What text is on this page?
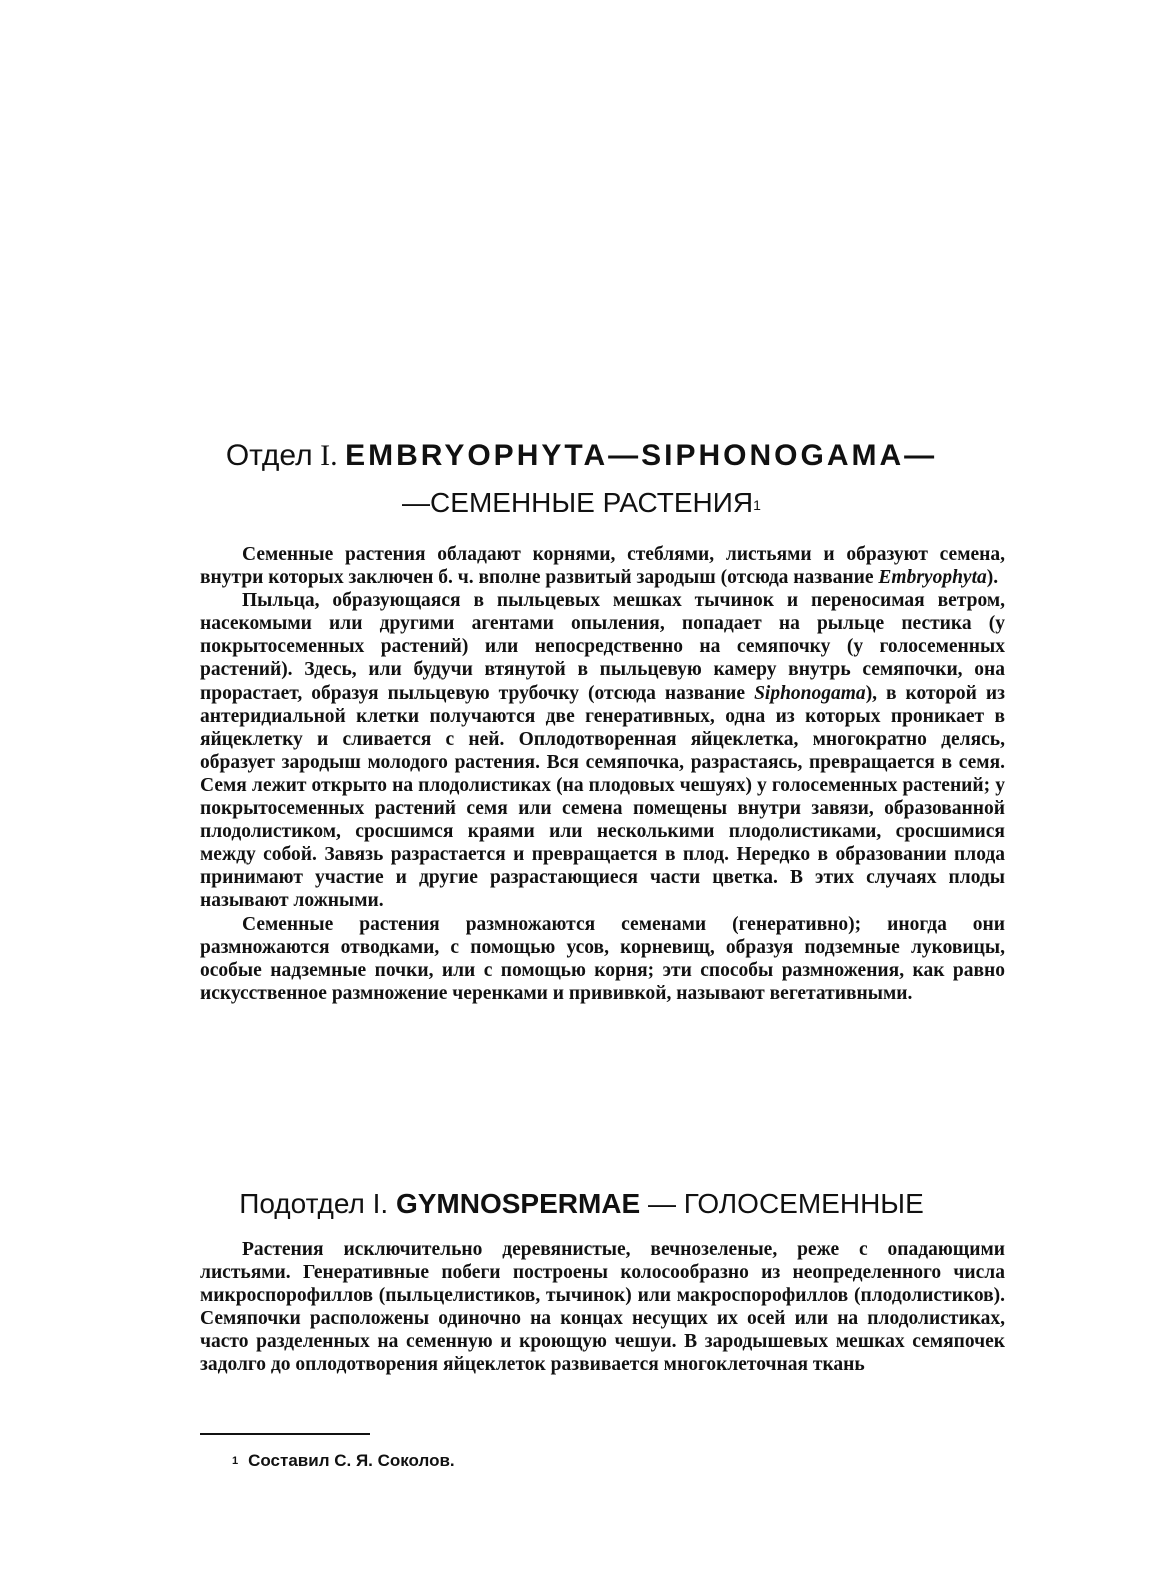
Отдел I. EMBRYOPHYTA—SIPHONOGAMA—
—СЕМЕННЫЕ РАСТЕНИЯ$^1$

Семенные растения обладают корнями, стеблями, листьями и образуют семена, внутри которых заключен б. ч. вполне развитый зародыш (отсюда название Embryophyta).

Пыльца, образующаяся в пыльцевых мешках тычинок и переносимая ветром, насекомыми или другими агентами опыления, попадает на рыльце пестика (у покрытосеменных растений) или непосредственно на семяпочку (у голосеменных растений). Здесь, или будучи втянутой в пыльцевую камеру внутрь семяпочки, она прорастает, образуя пыльцевую трубочку (отсюда название Siphonogama), в которой из антеридиальной клетки получаются две генеративных, одна из которых проникает в яйцеклетку и сливается с ней. Оплодотворенная яйцеклетка, многократно делясь, образует зародыш молодого растения. Вся семяпочка, разрастаясь, превращается в семя. Семя лежит открыто на плодолистиках (на плодовых чешуях) у голосеменных растений; у покрытосеменных растений семя или семена помещены внутри завязи, образованной плодолистиком, сросшимся краями или несколькими плодолистиками, сросшимися между собой. Завязь разрастается и превращается в плод. Нередко в образовании плода принимают участие и другие разрастающиеся части цветка. В этих случаях плоды называют ложными.

Семенные растения размножаются семенами (генеративно); иногда они размножаются отводками, с помощью усов, корневищ, образуя подземные луковицы, особые надземные почки, или с помощью корня; эти способы размножения, как равно искусственное размножение черенками и прививкой, называют вегетативными.

Подотдел I. GYMNOSPERMAE — ГОЛОСЕМЕННЫЕ

Растения исключительно деревянистые, вечнозеленые, реже с опадающими листьями. Генеративные побеги построены колосообразно из неопределенного числа микроспорофиллов (пыльцелистиков, тычинок) или макроспорофиллов (плодолистиков). Семяпочки расположены одиночно на концах несущих их осей или на плодолистиках, часто разделенных на семенную и кроющую чешуи. В зародышевых мешках семяпочек задолго до оплодотворения яйцеклеток развивается многоклеточная ткань

$^1$ Составил С. Я. Соколов.
